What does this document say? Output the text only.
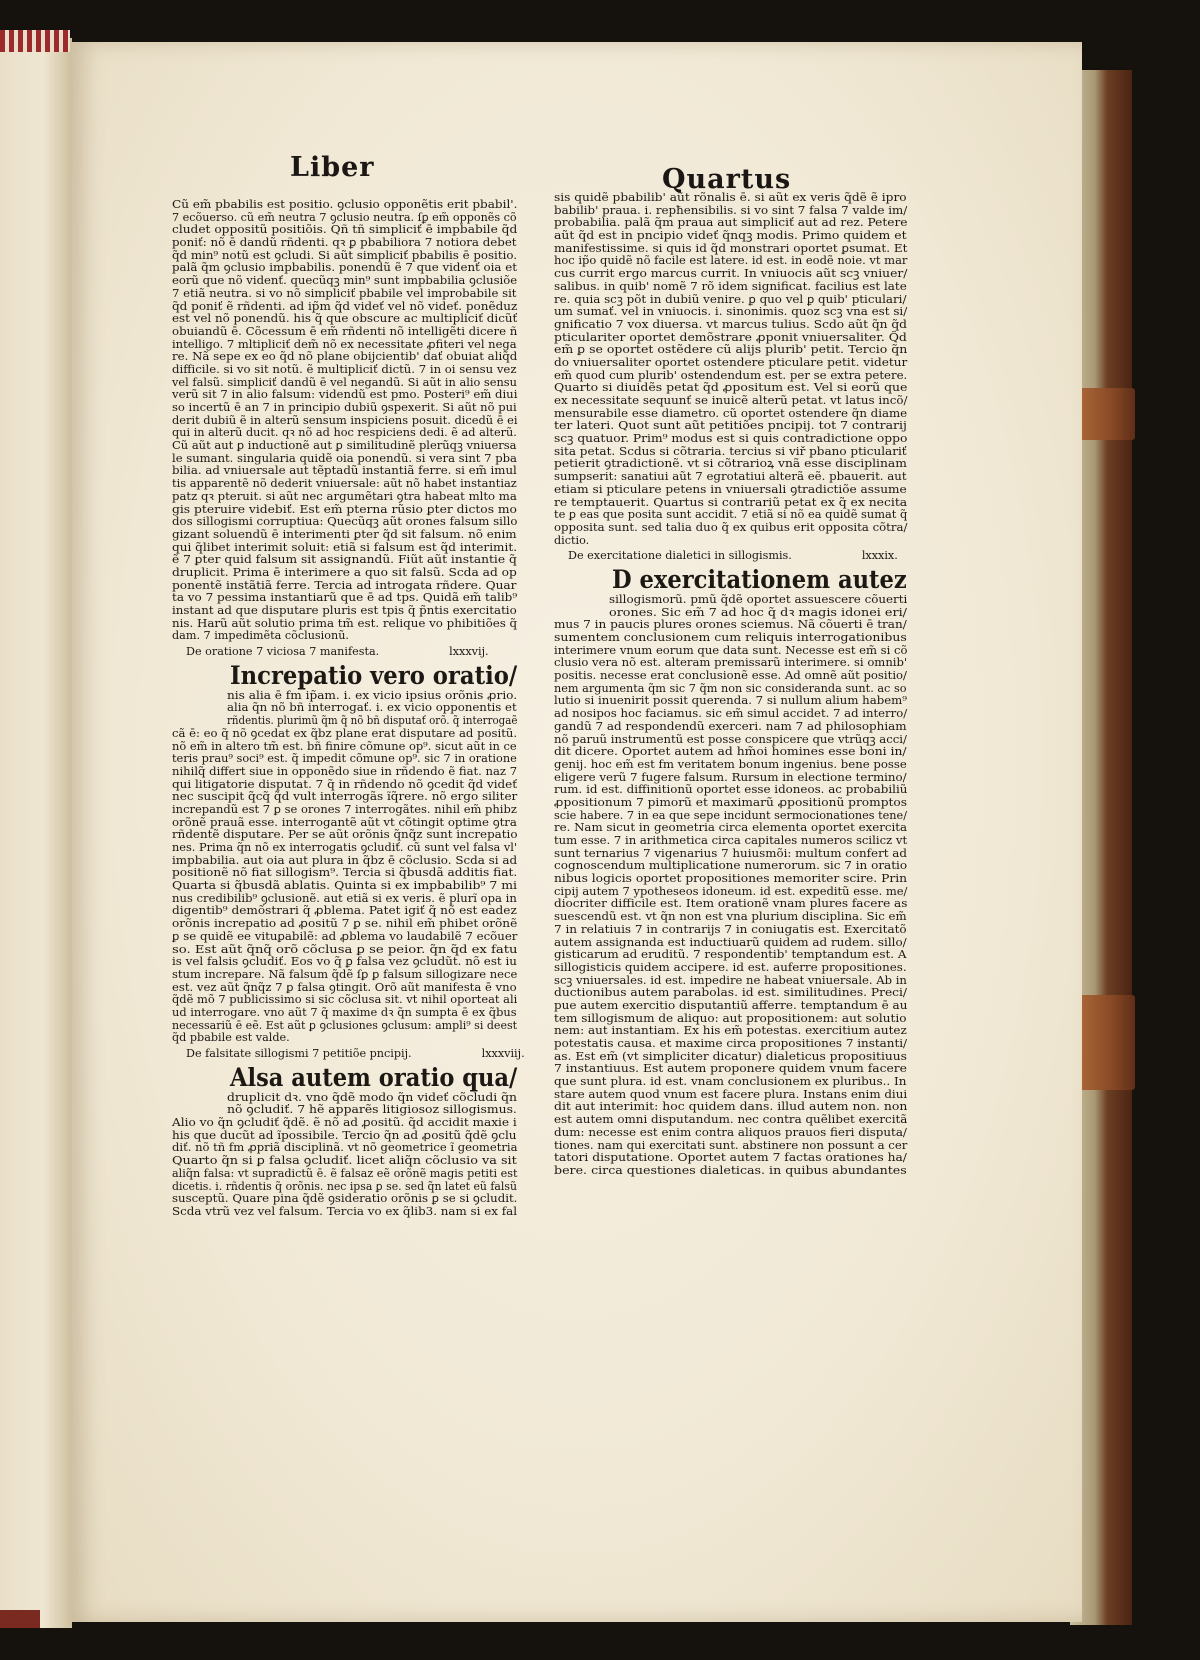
Liber	Quartus
Cũ em̃ pbabilis est positio. ꝯclusio opponẽtis erit pbabil'.
7 ecõuerso. cũ em̃ neutra 7 ꝯclusio neutra. ſꝑ em̃ opponẽs cõ
cludet oppositũ positiõis. Qñ tñ simpliciť ē impbabile q̃d
poniť: nõ ē dandũ rñdenti. qꝛ ꝑ pbabiliora 7 notiora debet
q̃d min⁹ notũ est ꝯcludi. Si aũt simpliciť pbabilis ē positio.
palã q̃m ꝯclusio impbabilis. ponendũ ẽ 7 que videnť oia et
eorũ que nõ videnť. quecũqꝫ min⁹ sunt impbabilia ꝯclusiõe
7 etiã neutra. si vo nõ simpliciť pbabile vel improbabile sit
q̃d poniť ẽ rñdenti. ad ip̃m q̃d videť vel nõ videť. ponẽduz
est vel nõ ponendũ. his q̃ que obscure ac multipliciť dicũť
obuiandũ ē. Cõcessum ē em̃ rñdenti nõ intelligẽti dicere ñ
intelligo. 7 mltipliciť dem̃ nõ ex necessitate ꝓfiteri vel nega
re. Nã sepe ex eo q̃d nõ plane obijcientib' dať obuiat aliq̃d
difficile. si vo sit notũ. ẽ multipliciť dictũ. 7 in oi sensu vez
vel falsũ. simpliciť dandũ ē vel negandũ. Si aũt in alio sensu
verũ sit 7 in alio falsum: videndũ est pmo. Posteri⁹ em̃ diui
so incertũ ē an 7 in principio dubiũ ꝯspexerit. Si aũt nõ pui
derit dubiũ ẽ in alterũ sensum inspiciens posuit. dicedũ ē ei
qui in alterũ ducit. qꝛ nõ ad hoc respiciens dedi. ẽ ad alterũ.
Cũ aũt aut ꝑ inductionẽ aut ꝑ similitudinẽ plerũqꝫ vniuersa
le sumant. singularia quidẽ oia ponendũ. si vera sint 7 pba
bilia. ad vniuersale aut tẽptadũ instantiã ferre. si em̃ imul
tis apparentẽ nõ dederit vniuersale: aũt nõ habet instantiaz
patz qꝛ pteruit. si aũt nec argumẽtari ꝯtra habeat mlto ma
gis pteruire videbiť. Est em̃ pterna rũsio ꝑter dictos mo
dos sillogismi corruptiua: Quecũqꝫ aũt orones falsum sillo
gizant soluendũ ē interimenti ꝑter q̃d sit falsum. nõ enim
qui q̃libet interimit soluit: etiã si falsum est q̃d interimit.
ẽ 7 ꝑter quid falsum sit assignandũ. Fiũt aũt instantie q̃
druplicit. Prima ē interimere a quo sit falsũ. Scda ad op
ponentẽ instãtiã ferre. Tercia ad introgata rñdere. Quar
ta vo 7 pessima instantiarũ que ē ad tps. Quidã em̃ talib⁹
instant ad que disputare pluris est tpis q̃ p̃ntis exercitatio
nis. Harũ aũt solutio prima tm̃ est. relique vo phibitiões q̃
dam. 7 impedimẽta cõclusionũ.
De oratione 7 viciosa 7 manifesta.	lxxxvij.
Increpatio vero oratio/
nis alia ē fm ip̃am. i. ex vicio ipsius orõnis ꝓrio.
alia q̃n nõ bñ interrogať. i. ex vicio opponentis et
rñdentis. plurimũ q̃m q̃ nõ bñ disputať orõ. q̃ interrogaẽ
cã ē: eo q̃ nõ ꝯcedat ex q̃bz plane erat disputare ad positũ.
nõ em̃ in altero tm̃ est. bñ finire cõmune op⁹. sicut aũt in ce
teris prau⁹ soci⁹ est. q̃ impedit cõmune op⁹. sic 7 in oratione
nihilq̃ differt siue in opponẽdo siue in rñdendo ẽ fiat. naz 7
qui litigatorie disputat. 7 q̃ in rñdendo nõ ꝯcedit q̃d videť
nec suscipit q̃cq̃ q̃d vult interrogãs ĩq̃rere. nõ ergo siliter
increpandũ est 7 ꝑ se orones 7 interrogãtes. nihil em̃ phibz
orõnẽ prauã esse. interrogantẽ aũt vt cõtingit optime ꝯtra
rñdentẽ disputare. Per se aũt orõnis q̃nq̃z sunt increpatio
nes. Prima q̃n nõ ex interrogatis ꝯcludiť. cũ sunt vel falsa vl'
impbabilia. aut oia aut plura in q̃bz ē cõclusio. Scda si ad
positionẽ nõ fiat sillogism⁹. Tercia si q̃busdã additis fiat.
Quarta si q̃busdã ablatis. Quinta si ex impbabilib⁹ 7 mi
nus credibilib⁹ ꝯclusionẽ. aut etiã si ex veris. ẽ plurĩ opa in
digentib⁹ demõstrari q̃ ꝓblema. Patet igiť q̃ nõ est eadez
orõnis increpatio ad ꝓositũ 7 ꝑ se. nihil em̃ phibet orõnẽ
ꝑ se quidẽ ee vituꝑabilẽ: ad ꝓblema vo laudabilẽ 7 ecõuer
so. Est aũt q̃nq̃ orõ cõclusa ꝑ se peior. q̃n q̃d ex fatu
is vel falsis ꝯcludiť. Eos vo q̃ ꝑ falsa vez ꝯcludũt. nõ est iu
stum increpare. Nã falsum q̃dẽ ſꝑ ꝑ falsum sillogizare nece
est. vez aũt q̃nq̃z 7 ꝑ falsa ꝯtingit. Orõ aũt manifesta ē vno
q̃dẽ mõ 7 publicissimo si sic cõclusa sit. vt nihil oporteat ali
ud interrogare. vno aũt 7 q̃ maxime dꝛ q̃n sumpta ē ex q̃bus
necessariũ ē eẽ. Est aũt ꝑ ꝯclusiones ꝯclusum: ampli⁹ si deest
q̃d pbabile est valde.
De falsitate sillogismi 7 petitiõe pncipij.	lxxxviij.
Alsa autem oratio qua/
druplicit dꝛ. vno q̃dẽ modo q̃n videť cõcludi q̃n
nõ ꝯcludiť. 7 hẽ apparẽs litigiosoz sillogismus.
Alio vo q̃n ꝯcludiť q̃dẽ. ẽ nõ ad ꝓositũ. q̃d accidit maxie i
his que ducũt ad ĩpossibile. Tercio q̃n ad ꝓositũ q̃dẽ ꝯclu
diť. nõ tñ fm ꝓpriã disciplinã. vt nõ geometrice ĩ geometria
Quarto q̃n si ꝑ falsa ꝯcludiť. licet aliq̃n cõclusio va sit
aliq̃n falsa: vt supradictũ ē. ẽ falsaz eẽ orõnẽ magis petiti est
dicetis. i. rñdentis q̃ orõnis. nec ipsa ꝑ se. sed q̃n latet eũ falsũ
susceptũ. Quare pina q̃dẽ ꝯsideratio orõnis ꝑ se si ꝯcludit.
Scda vtrũ vez vel falsum. Tercia vo ex q̃lib3. nam si ex fal
sis quidẽ pbabilib' aũt rõnalis ē. si aũt ex veris q̃dẽ ẽ ipro
babilib' praua. i. repħensibilis. si vo sint 7 falsa 7 valde im/
probabilia. palã q̃m praua aut simpliciť aut ad rez. Petere
aũt q̃d est in pncipio videť q̃nqꝫ modis. Primo quidem et
manifestissime. si quis id q̃d monstrari oportet ꝑsumat. Et
hoc ip̃o quidẽ nõ facile est latere. id est. in eodẽ noie. vt mar
cus currit ergo marcus currit. In vniuocis aũt scꝫ vniuer/
salibus. in quib' nomẽ 7 rõ idem significat. facilius est late
re. quia scꝫ põt in dubiũ venire. ꝑ quo vel ꝑ quib' pticulari/
um sumať. vel in vniuocis. i. sinonimis. quoz scꝫ vna est si/
gnificatio 7 vox diuersa. vt marcus tulius. Scdo aũt q̃n q̃d
pticulariter oportet demõstrare ꝓponit vniuersaliter. Q̃d
em̃ ꝑ se oportet ostẽdere cũ alijs plurib' petit. Tercio q̃n
do vniuersaliter oportet ostendere pticulare petit. videtur
em̃ quod cum plurib' ostendendum est. per se extra petere.
Quarto si diuidẽs petat q̃d ꝓpositum est. Vel si eorũ que
ex necessitate sequunť se inuicẽ alterũ petat. vt latus incõ/
mensurabile esse diametro. cũ oportet ostendere q̃n diame
ter lateri. Quot sunt aũt petitiões pncipij. tot 7 contrarij
scꝫ quatuor. Prim⁹ modus est si quis contradictione oppo
sita petat. Scdus si cõtraria. tercius si viř pbano pticulariť
petierit ꝯtradictionẽ. vt si cõtrarioꝝ vnã esse disciplinam
sumpserit: sanatiui aũt 7 egrotatiui alterã eẽ. pbauerit. aut
etiam si pticulare petens in vniuersali ꝯtradictiõe assume
re temptauerit. Quartus si contrariũ petat ex q̃ ex necita
te ꝑ eas que posita sunt accidit. 7 etiã si nõ ea quidẽ sumat q̃
opposita sunt. sed talia duo q̃ ex quibus erit opposita cõtra/
dictio.
De exercitatione dialetici in sillogismis.	lxxxix.
D exercitationem autez
sillogismorũ. pmũ q̃dẽ oportet assuescere cõuerti
orones. Sic em̃ 7 ad hoc q̃ dꝛ magis idonei eri/
mus 7 in paucis plures orones sciemus. Nã cõuerti ē tran/
sumentem conclusionem cum reliquis interrogationibus
interimere vnum eorum que data sunt. Necesse est em̃ si cõ
clusio vera nõ est. alteram premissarũ interimere. si omnib'
positis. necesse erat conclusionẽ esse. Ad omnẽ aũt positio/
nem argumenta q̃m sic 7 q̃m non sic consideranda sunt. ac so
lutio si inuenirit possit querenda. 7 si nullum alium habem⁹
ad nosipos hoc faciamus. sic em̃ simul accidet. 7 ad interro/
gandũ 7 ad respondendũ exerceri. nam 7 ad philosophiam
nõ paruũ instrumentũ est posse conspicere que vtrũqꝫ acci/
dit dicere. Oportet autem ad hm̃oi homines esse boni in/
genij. hoc em̃ est fm veritatem bonum ingenius. bene posse
eligere verũ 7 fugere falsum. Rursum in electione termino/
rum. id est. diffinitionũ oportet esse idoneos. ac probabiliũ
ꝓpositionum 7 pimorũ et maximarũ ꝓpositionũ promptos
scie habere. 7 in ea que sepe incidunt sermocionationes tene/
re. Nam sicut in geometria circa elementa oportet exercita
tum esse. 7 in arithmetica circa capitales numeros scilicz vt
sunt ternarius 7 vigenarius 7 huiusmõi: multum confert ad
cognoscendum multiplicatione numerorum. sic 7 in oratio
nibus logicis oportet propositiones memoriter scire. Prin
cipij autem 7 ypotheseos idoneum. id est. expeditũ esse. me/
diocriter difficile est. Item orationẽ vnam plures facere as
suescendũ est. vt q̃n non est vna plurium disciplina. Sic em̃
7 in relatiuis 7 in contrarijs 7 in coniugatis est. Exercitatõ
autem assignanda est inductiuarũ quidem ad rudem. sillo/
gisticarum ad eruditũ. 7 respondentib' temptandum est. A
sillogisticis quidem accipere. id est. auferre propositiones.
scꝫ vniuersales. id est. impedire ne habeat vniuersale. Ab in
ductionibus autem parabolas. id est. similitudines. Preci/
pue autem exercitio disputantiũ afferre. temptandum ē au
tem sillogismum de aliquo: aut propositionem: aut solutio
nem: aut instantiam. Ex his em̃ potestas. exercitium autez
potestatis causa. et maxime circa propositiones 7 instanti/
as. Est em̃ (vt simpliciter dicatur) dialeticus propositiuus
7 instantiuus. Est autem proponere quidem vnum facere
que sunt plura. id est. vnam conclusionem ex pluribus.. In
stare autem quod vnum est facere plura. Instans enim diui
dit aut interimit: hoc quidem dans. illud autem non. non
est autem omni disputandum. nec contra quẽlibet exercitã
dum: necesse est enim contra aliquos prauos fieri disputa/
tiones. nam qui exercitati sunt. abstinere non possunt a cer
tatori disputatione. Oportet autem 7 factas orationes ha/
bere. circa questiones dialeticas. in quibus abundantes
